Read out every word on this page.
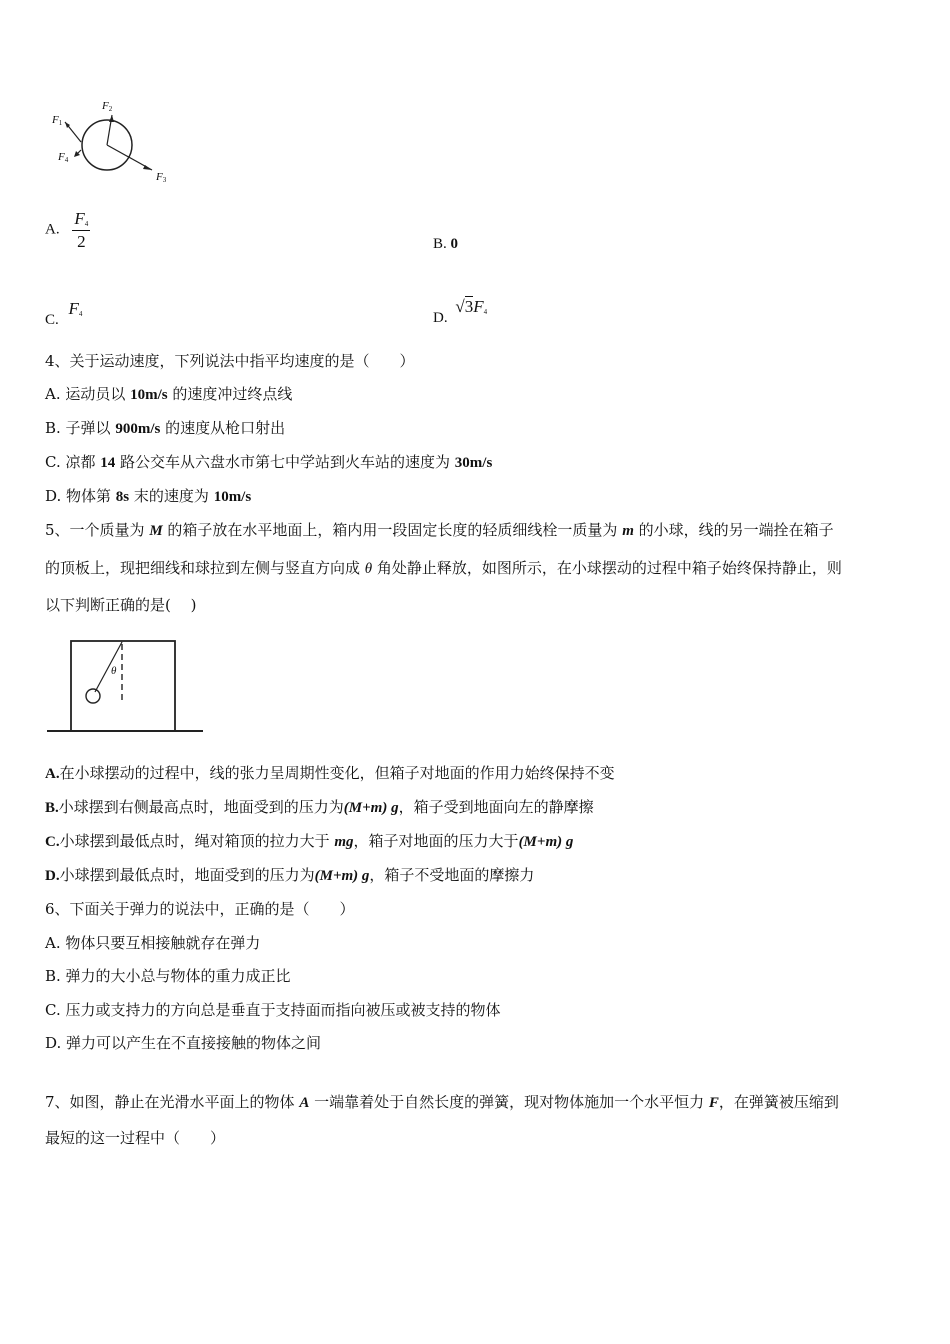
$F_1$
$F_2$
$F_4$
$F_3$
A. $\frac{F_4}{2}$	B. 0
C. $F_4$	D. $√3F_4$
4、关于运动速度，下列说法中指平均速度的是（　　）
A. 运动员以 10m/s 的速度冲过终点线
B. 子弹以 900m/s 的速度从枪口射出
C. 凉都 14 路公交车从六盘水市第七中学站到火车站的速度为 30m/s
D. 物体第 8s 末的速度为 10m/s
5、一个质量为 M 的箱子放在水平地面上，箱内用一段固定长度的轻质细线栓一质量为 m 的小球，线的另一端拴在箱子
的顶板上，现把细线和球拉到左侧与竖直方向成 θ 角处静止释放，如图所示，在小球摆动的过程中箱子始终保持静止，则
以下判断正确的是(　 )
θ
A.在小球摆动的过程中，线的张力呈周期性变化，但箱子对地面的作用力始终保持不变
B.小球摆到右侧最高点时，地面受到的压力为(M+m) g，箱子受到地面向左的静摩擦
C.小球摆到最低点时，绳对箱顶的拉力大于 mg，箱子对地面的压力大于(M+m) g
D.小球摆到最低点时，地面受到的压力为(M+m) g，箱子不受地面的摩擦力
6、下面关于弹力的说法中，正确的是（　　）
A. 物体只要互相接触就存在弹力
B. 弹力的大小总与物体的重力成正比
C. 压力或支持力的方向总是垂直于支持面而指向被压或被支持的物体
D. 弹力可以产生在不直接接触的物体之间
7、如图，静止在光滑水平面上的物体 A 一端靠着处于自然长度的弹簧，现对物体施加一个水平恒力 F，在弹簧被压缩到
最短的这一过程中（　　）
